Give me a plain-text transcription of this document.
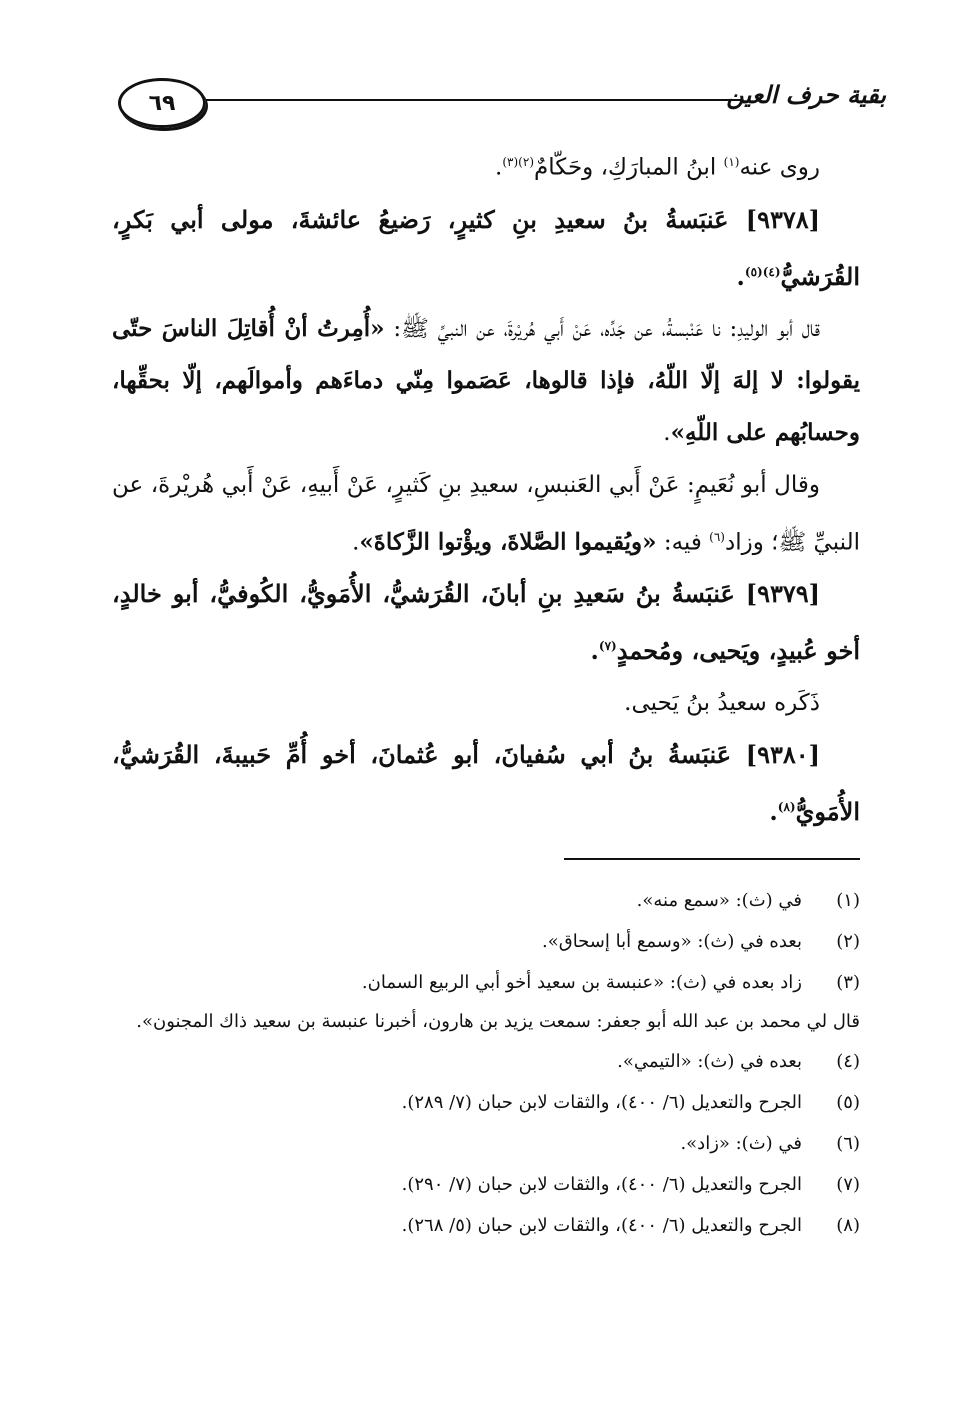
٦٩	بقية حرف العين

روى عنه$^{(١)}$ ابنُ المبارَكِ، وحَكّامٌ$^{(٢)(٣)}$.

[٩٣٧٨] عَنبَسةُ بنُ سعيدِ بنِ كثيرٍ، رَضيعُ عائشةَ، مولى أبي بَكرٍ، القُرَشيُّ$^{(٤)(٥)}$.

قال أبو الوليدِ: نا عَنْبسةُ، عن جَدِّه، عَنْ أَبي هُريْرةَ، عن النبيِّ ﷺ: «أُمِرتُ أنْ أُقاتِلَ الناسَ حتّى يقولوا: لا إلهَ إلّا اللّهُ، فإذا قالوها، عَصَموا مِنّي دماءَهم وأموالَهم، إلّا بحقِّها، وحسابُهم على اللّهِ».

وقال أبو نُعَيمٍ: عَنْ أَبي العَنبسِ، سعيدِ بنِ كَثيرٍ، عَنْ أَبيهِ، عَنْ أَبي هُريْرةَ، عن النبيِّ ﷺ؛ وزاد$^{(٦)}$ فيه: «ويُقيموا الصَّلاةَ، ويؤْتوا الزَّكاةَ».

[٩٣٧٩] عَنبَسةُ بنُ سَعيدِ بنِ أبانَ، القُرَشيُّ، الأُمَويُّ، الكُوفيُّ، أبو خالدٍ، أخو عُبيدٍ، ويَحيى، ومُحمدٍ$^{(٧)}$.

ذَكَره سعيدُ بنُ يَحيى.

[٩٣٨٠] عَنبَسةُ بنُ أبي سُفيانَ، أبو عُثمانَ، أخو أُمِّ حَبيبةَ، القُرَشيُّ، الأُمَويُّ$^{(٨)}$.

(١)
في (ث): «سمع منه».
(٢)
بعده في (ث): «وسمع أبا إسحاق».
(٣)
زاد بعده في (ث): «عنبسة بن سعيد أخو أبي الربيع السمان.
قال لي محمد بن عبد الله أبو جعفر: سمعت يزيد بن هارون، أخبرنا عنبسة بن سعيد ذاك المجنون».
(٤)
بعده في (ث): «التيمي».
(٥)
الجرح والتعديل (٦/ ٤٠٠)، والثقات لابن حبان (٧/ ٢٨٩).
(٦)
في (ث): «زاد».
(٧)
الجرح والتعديل (٦/ ٤٠٠)، والثقات لابن حبان (٧/ ٢٩٠).
(٨)
الجرح والتعديل (٦/ ٤٠٠)، والثقات لابن حبان (٥/ ٢٦٨).
